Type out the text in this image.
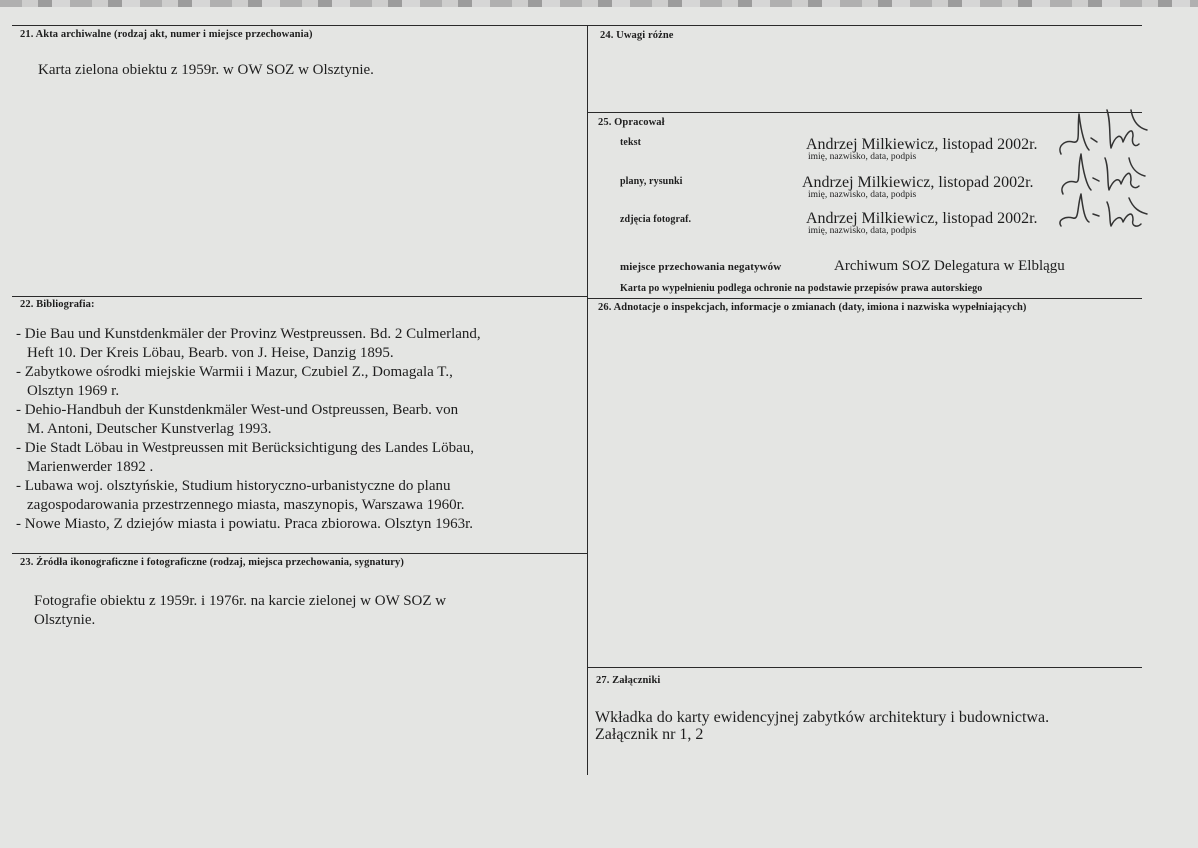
21. Akta archiwalne (rodzaj akt, numer i miejsce przechowania)
Karta zielona obiektu z 1959r. w OW SOZ w Olsztynie.
24. Uwagi różne
25. Opracował
tekst	Andrzej Milkiewicz, listopad 2002r.
imię, nazwisko, data, podpis
plany, rysunki	Andrzej Milkiewicz, listopad 2002r.
imię, nazwisko, data, podpis
zdjęcia fotograf.	Andrzej Milkiewicz, listopad 2002r.
imię, nazwisko, data, podpis
miejsce przechowania negatywów	Archiwum SOZ Delegatura w Elblągu
Karta po wypełnieniu podlega ochronie na podstawie przepisów prawa autorskiego
22. Bibliografia:
- Die Bau und Kunstdenkmäler der Provinz Westpreussen. Bd. 2 Culmerland,
Heft 10. Der Kreis Löbau, Bearb. von J. Heise, Danzig 1895.
- Zabytkowe ośrodki miejskie Warmii i Mazur, Czubiel Z., Domagala T.,
Olsztyn 1969 r.
- Dehio-Handbuh der Kunstdenkmäler West-und Ostpreussen, Bearb. von
M. Antoni, Deutscher Kunstverlag 1993.
- Die Stadt Löbau in Westpreussen mit Berücksichtigung des Landes Löbau,
Marienwerder 1892 .
- Lubawa woj. olsztyńskie, Studium historyczno-urbanistyczne do planu
zagospodarowania przestrzennego miasta, maszynopis, Warszawa 1960r.
- Nowe Miasto, Z dziejów miasta i powiatu. Praca zbiorowa. Olsztyn 1963r.
26. Adnotacje o inspekcjach, informacje o zmianach (daty, imiona i nazwiska wypełniających)
23. Źródła ikonograficzne i fotograficzne (rodzaj, miejsca przechowania, sygnatury)
Fotografie obiektu z 1959r. i 1976r. na karcie zielonej w OW SOZ w
Olsztynie.
27. Załączniki
Wkładka do karty ewidencyjnej zabytków architektury i budownictwa.
Załącznik nr 1, 2
